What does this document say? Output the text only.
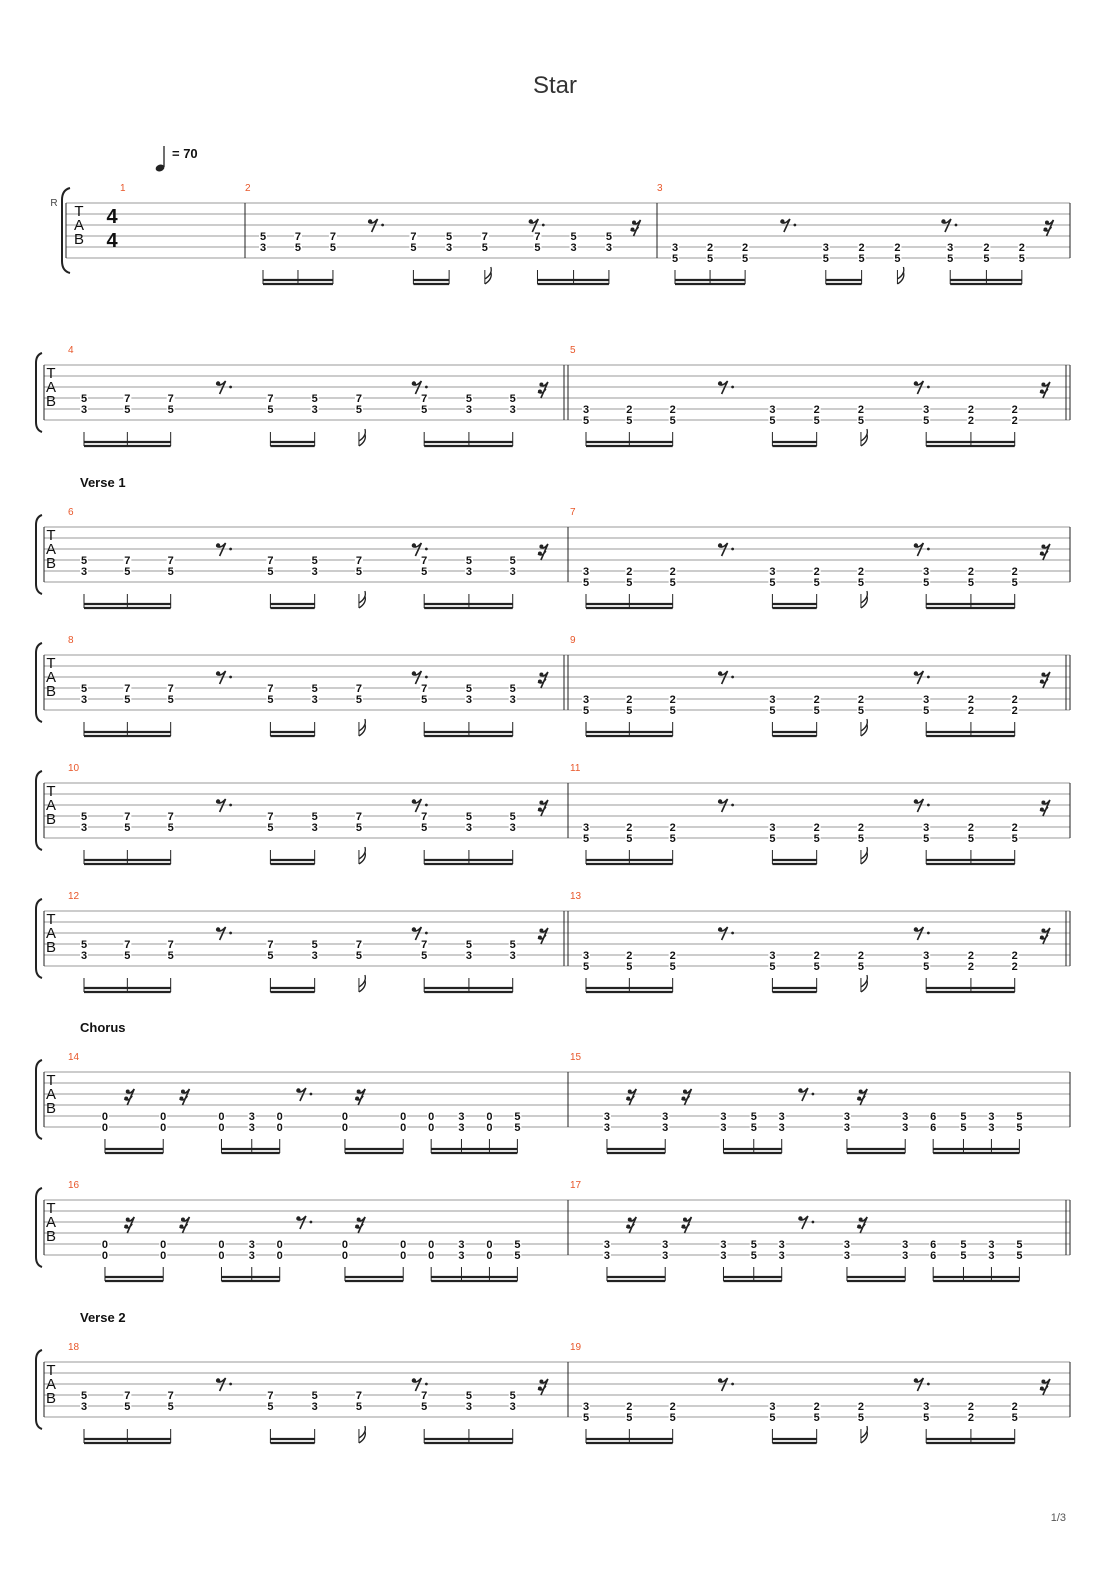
Star
= 70
R
Verse 1
Chorus
Verse 2
T
A
B
4
4
T
A
B
T
A
B
T
A
B
T
A
B
T
A
B
T
A
B
T
A
B
T
A
B
1	2
5
3
7
5
7
5
7
5
5
3
7
5
7
5
5
3
5
3
3
3
5
2
5
2
5
3
5
2
5
2
5
3
5
2
5
2
5
4
5
3
7
5
7
5
7
5
5
3
7
5
7
5
5
3
5
3
5
3
5
2
5
2
5
3
5
2
5
2
5
3
5
2
2
2
2
6
5
3
7
5
7
5
7
5
5
3
7
5
7
5
5
3
5
3
7
3
5
2
5
2
5
3
5
2
5
2
5
3
5
2
5
2
5
8
5
3
7
5
7
5
7
5
5
3
7
5
7
5
5
3
5
3
9
3
5
2
5
2
5
3
5
2
5
2
5
3
5
2
2
2
2
10
5
3
7
5
7
5
7
5
5
3
7
5
7
5
5
3
5
3
11
3
5
2
5
2
5
3
5
2
5
2
5
3
5
2
5
2
5
12
5
3
7
5
7
5
7
5
5
3
7
5
7
5
5
3
5
3
13
3
5
2
5
2
5
3
5
2
5
2
5
3
5
2
2
2
2
14
0
0
0
0
0
0
3
3
0
0
0
0
0
0
0
0
3
3
0
0
5
5
15
3
3
3
3
3
3
5
5
3
3
3
3
3
3
6
6
5
5
3
3
5
5
16
0
0
0
0
0
0
3
3
0
0
0
0
0
0
0
0
3
3
0
0
5
5
17
3
3
3
3
3
3
5
5
3
3
3
3
3
3
6
6
5
5
3
3
5
5
18
5
3
7
5
7
5
7
5
5
3
7
5
7
5
5
3
5
3
19
3
5
2
5
2
5
3
5
2
5
2
5
3
5
2
2
2
5
1/3
